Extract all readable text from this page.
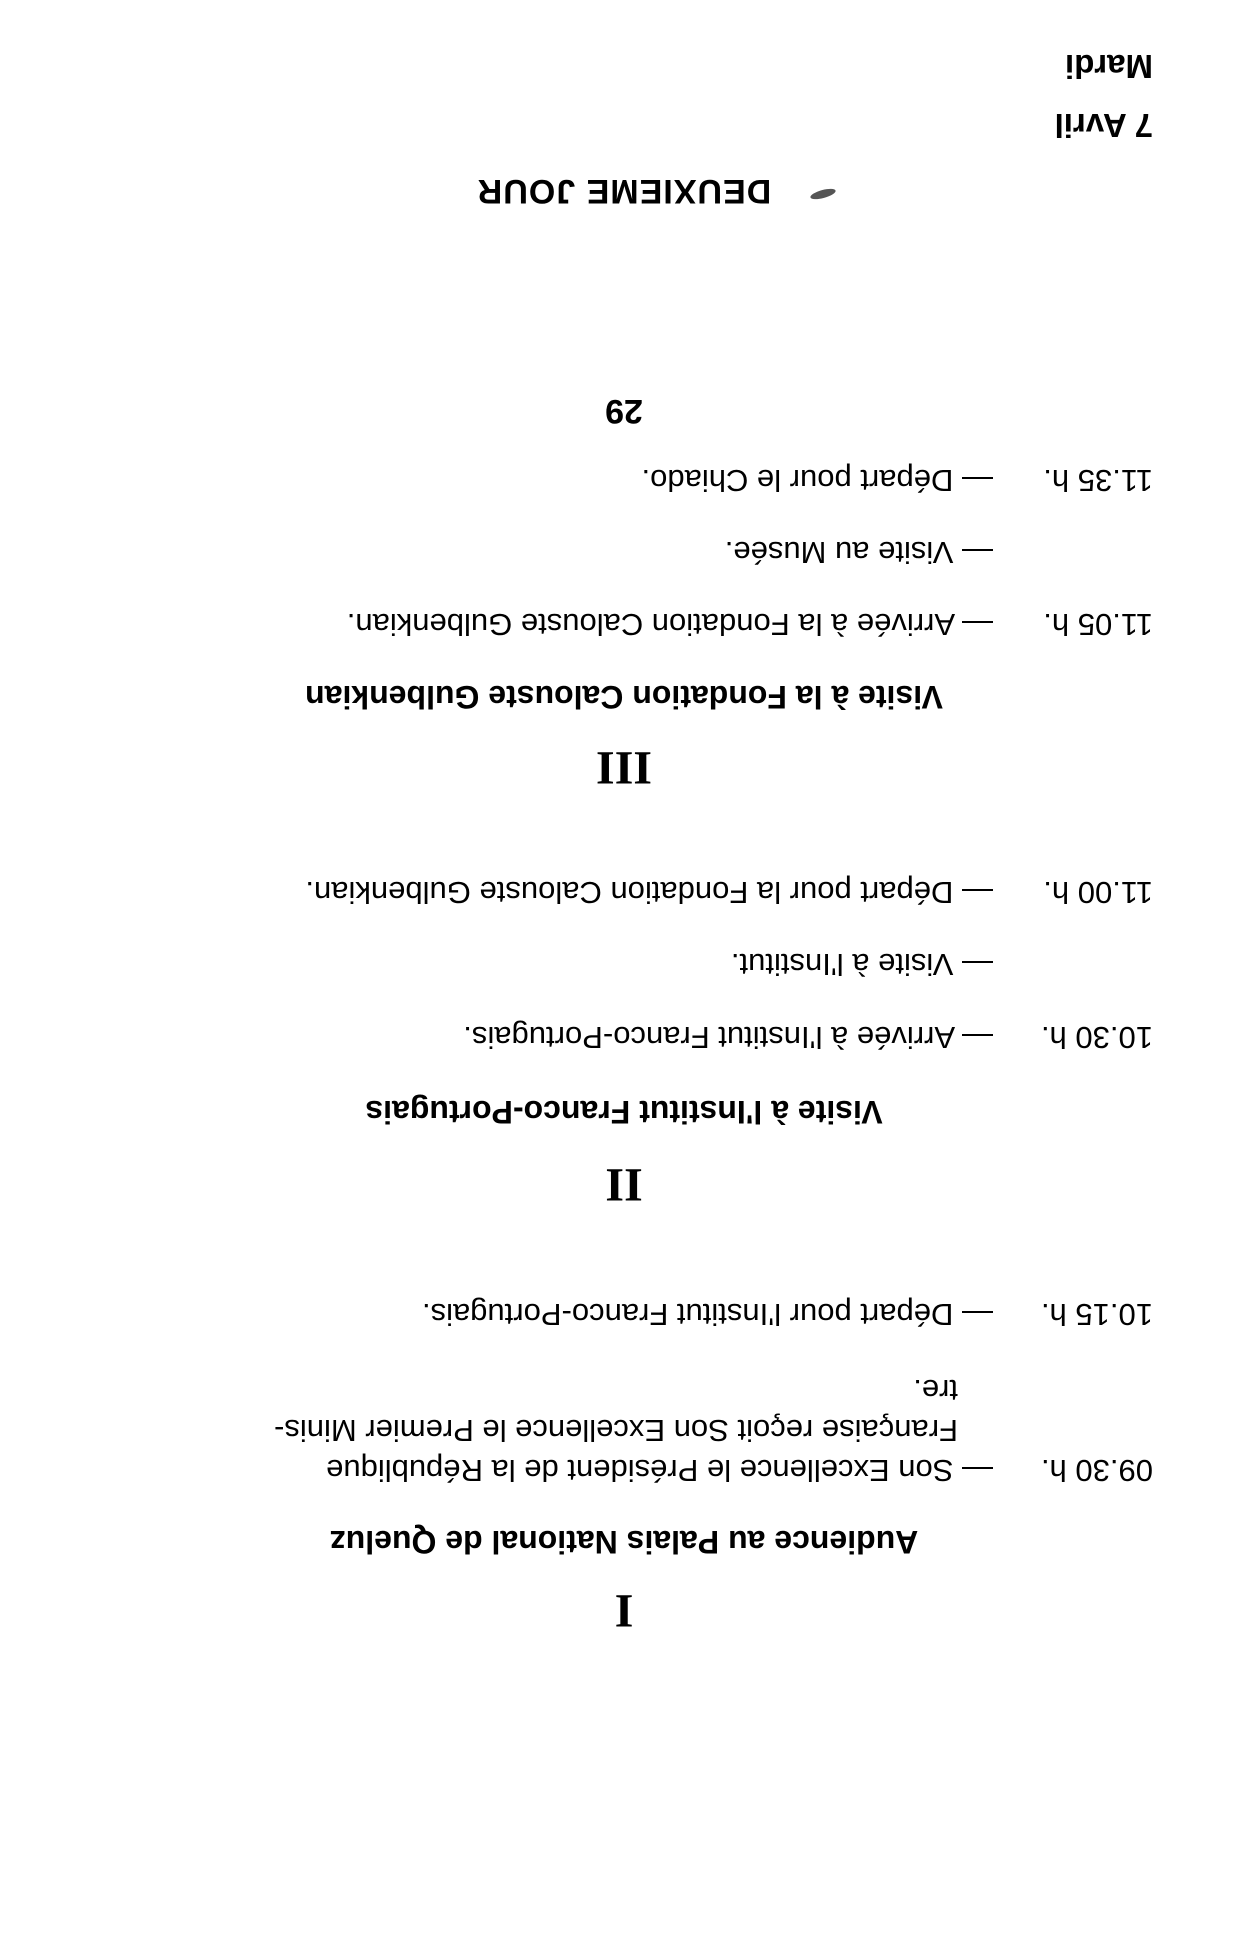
DEUXIEME JOUR
7 Avril
Mardi
I
Audience au Palais National de Queluz
09.30 h.
— Son Excellence le Président de la République
Française reçoit Son Excellence le Premier Minis-
tre.
10.15 h.
— Départ pour l'Institut Franco-Portugais.
II
Visite à l'Institut Franco-Portugais
10.30 h.
— Arrivée à l'Institut Franco-Portugais.
— Visite à l'Institut.
11.00 h.
— Départ pour la Fondation Calouste Gulbenkian.
III
Visite à la Fondation Calouste Gulbenkian
11.05 h.
— Arrivée à la Fondation Calouste Gulbenkian.
— Visite au Musée.
11.35 h.
— Départ pour le Chiado.
29
